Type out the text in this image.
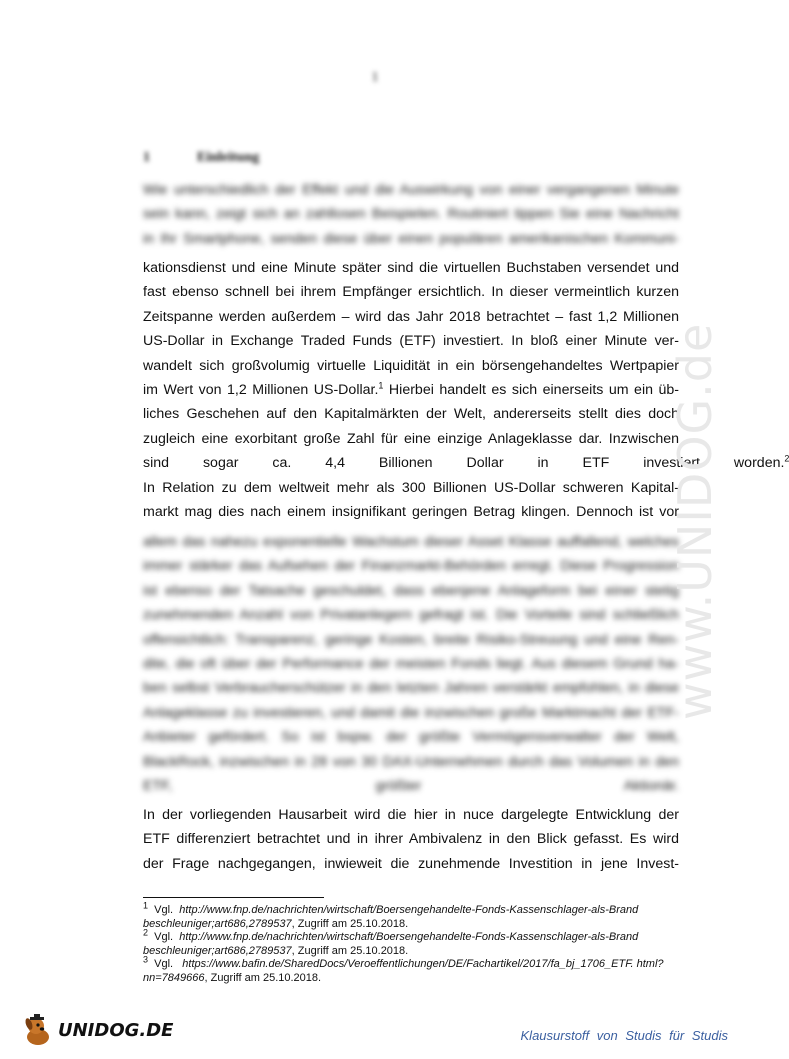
1
1	Einleitung
Wie unterschiedlich der Effekt und die Auswirkung von einer vergangenen Minute
sein kann, zeigt sich an zahllosen Beispielen. Routiniert tippen Sie eine Nachricht
in Ihr Smartphone, senden diese über einen populären amerikanischen Kommuni-
kationsdienst und eine Minute später sind die virtuellen Buchstaben versendet und
fast ebenso schnell bei ihrem Empfänger ersichtlich. In dieser vermeintlich kurzen
Zeitspanne werden außerdem – wird das Jahr 2018 betrachtet – fast 1,2 Millionen
US-Dollar in Exchange Traded Funds (ETF) investiert. In bloß einer Minute ver-
wandelt sich großvolumig virtuelle Liquidität in ein börsengehandeltes Wertpapier
im Wert von 1,2 Millionen US-Dollar.$^1$ Hierbei handelt es sich einerseits um ein üb-
liches Geschehen auf den Kapitalmärkten der Welt, andererseits stellt dies doch
zugleich eine exorbitant große Zahl für eine einzige Anlageklasse dar. Inzwischen
sind sogar ca. 4,4 Billionen Dollar in ETF investiert worden.$^2$
In Relation zu dem weltweit mehr als 300 Billionen US-Dollar schweren Kapital-
markt mag dies nach einem insignifikant geringen Betrag klingen. Dennoch ist vor
allem das nahezu exponentielle Wachstum dieser Asset Klasse auffallend, welches
immer stärker das Aufsehen der Finanzmarkt-Behörden erregt. Diese Progression
ist ebenso der Tatsache geschuldet, dass ebenjene Anlageform bei einer stetig
zunehmenden Anzahl von Privatanlegern gefragt ist. Die Vorteile sind schließlich
offensichtlich: Transparenz, geringe Kosten, breite Risiko-Streuung und eine Ren-
dite, die oft über der Performance der meisten Fonds liegt. Aus diesem Grund ha-
ben selbst Verbraucherschützer in den letzten Jahren verstärkt empfohlen, in diese
Anlageklasse zu investieren, und damit die inzwischen große Marktmacht der ETF-
Anbieter gefördert. So ist bspw. der größte Vermögensverwalter der Welt,
BlackRock, inzwischen in 28 von 30 DAX-Unternehmen durch das Volumen in den
ETF, größter Aktionär.
In der vorliegenden Hausarbeit wird die hier in nuce dargelegte Entwicklung der
ETF differenziert betrachtet und in ihrer Ambivalenz in den Blick gefasst. Es wird
der Frage nachgegangen, inwieweit die zunehmende Investition in jene Invest-
$^1$ Vgl. http://www.fnp.de/nachrichten/wirtschaft/Boersengehandelte-Fonds-Kassenschlager-als-Brand beschleuniger;art686,2789537, Zugriff am 25.10.2018.
$^2$ Vgl. http://www.fnp.de/nachrichten/wirtschaft/Boersengehandelte-Fonds-Kassenschlager-als-Brand beschleuniger;art686,2789537, Zugriff am 25.10.2018.
$^3$ Vgl. https://www.bafin.de/SharedDocs/Veroeffentlichungen/DE/Fachartikel/2017/fa_bj_1706_ETF. html?nn=7849666, Zugriff am 25.10.2018.
www.UNIDOG.de
UNIDOG.DE	Klausurstoff von Studis für Studis
